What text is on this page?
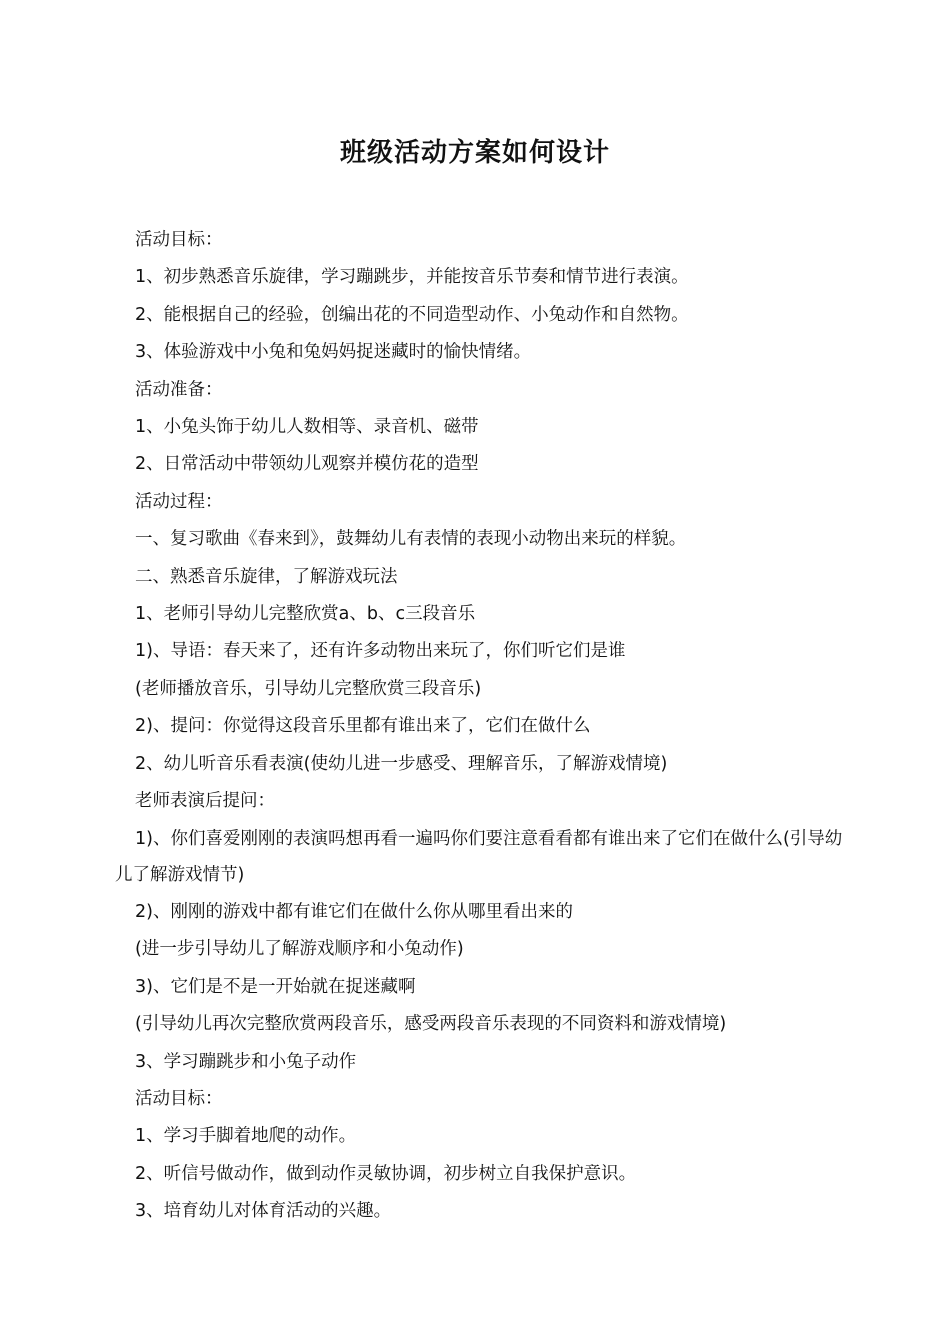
班级活动方案如何设计

活动目标：

1、初步熟悉音乐旋律，学习蹦跳步，并能按音乐节奏和情节进行表演。

2、能根据自己的经验，创编出花的不同造型动作、小兔动作和自然物。

3、体验游戏中小兔和兔妈妈捉迷藏时的愉快情绪。

活动准备：

1、小兔头饰于幼儿人数相等、录音机、磁带

2、日常活动中带领幼儿观察并模仿花的造型

活动过程：

一、复习歌曲《春来到》，鼓舞幼儿有表情的表现小动物出来玩的样貌。

二、熟悉音乐旋律，了解游戏玩法

1、老师引导幼儿完整欣赏a、b、c三段音乐

1)、导语：春天来了，还有许多动物出来玩了，你们听它们是谁

(老师播放音乐，引导幼儿完整欣赏三段音乐)

2)、提问：你觉得这段音乐里都有谁出来了，它们在做什么

2、幼儿听音乐看表演(使幼儿进一步感受、理解音乐，了解游戏情境)

老师表演后提问：

1)、你们喜爱刚刚的表演吗想再看一遍吗你们要注意看看都有谁出来了它们在做什么(引导幼儿了解游戏情节)

2)、刚刚的游戏中都有谁它们在做什么你从哪里看出来的

(进一步引导幼儿了解游戏顺序和小兔动作)

3)、它们是不是一开始就在捉迷藏啊

(引导幼儿再次完整欣赏两段音乐，感受两段音乐表现的不同资料和游戏情境)

3、学习蹦跳步和小兔子动作

活动目标：

1、学习手脚着地爬的动作。

2、听信号做动作，做到动作灵敏协调，初步树立自我保护意识。

3、培育幼儿对体育活动的兴趣。
